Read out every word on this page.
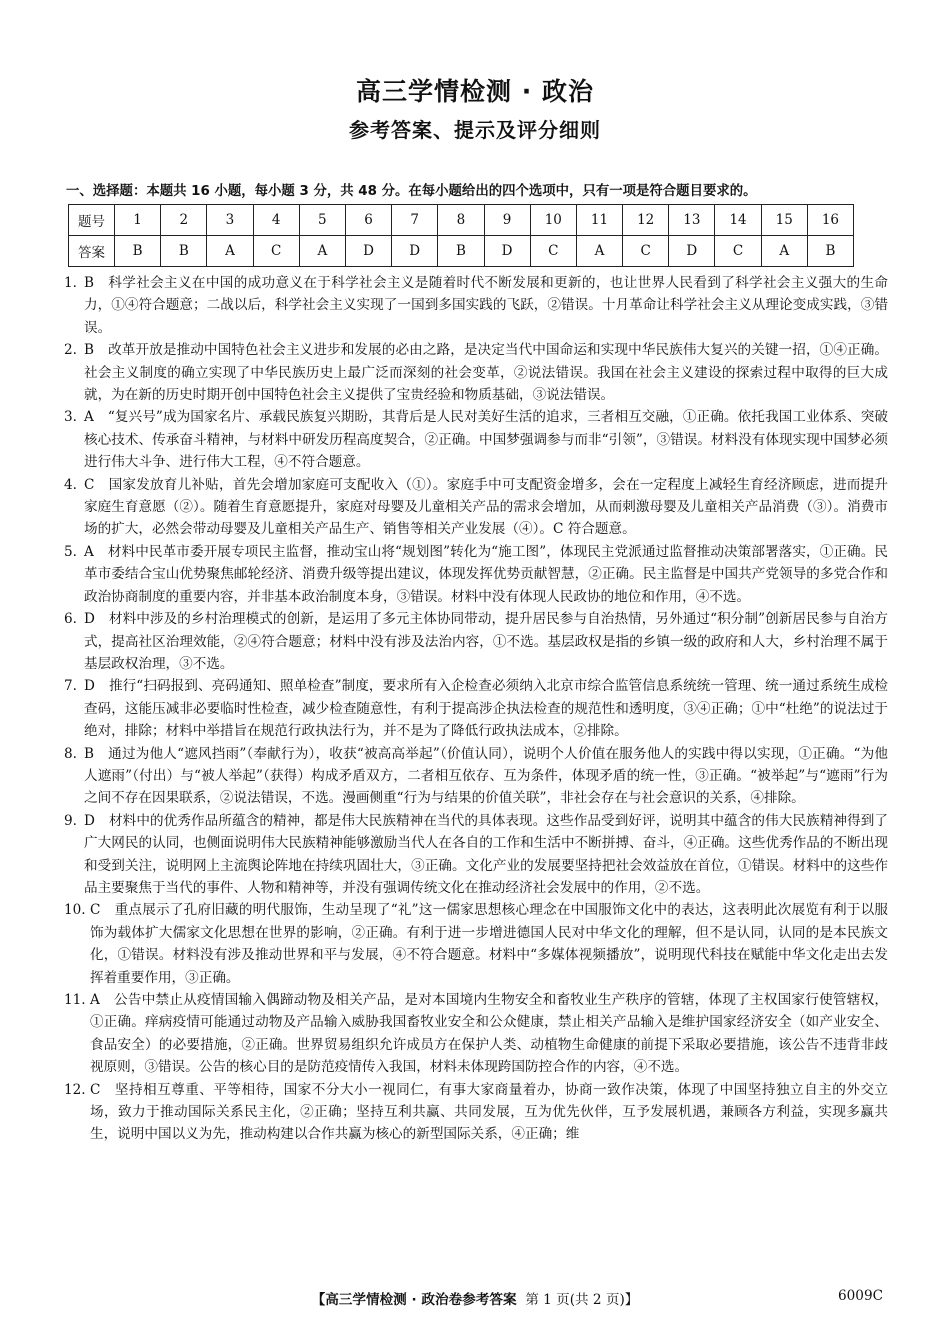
高三学情检测 · 政治
参考答案、提示及评分细则
一、选择题：本题共 16 小题，每小题 3 分，共 48 分。在每小题给出的四个选项中，只有一项是符合题目要求的。
题号	1	2	3	4	5	6	7	8	9	10	11	12	13	14	15	16
答案	B	B	A	C	A	D	D	B	D	C	A	C	D	C	A	B
1. B 科学社会主义在中国的成功意义在于科学社会主义是随着时代不断发展和更新的，也让世界人民看到了科学社会主义强大的生命力，①④符合题意；二战以后，科学社会主义实现了一国到多国实践的飞跃，②错误。十月革命让科学社会主义从理论变成实践，③错误。
2. B 改革开放是推动中国特色社会主义进步和发展的必由之路，是决定当代中国命运和实现中华民族伟大复兴的关键一招，①④正确。社会主义制度的确立实现了中华民族历史上最广泛而深刻的社会变革，②说法错误。我国在社会主义建设的探索过程中取得的巨大成就，为在新的历史时期开创中国特色社会主义提供了宝贵经验和物质基础，③说法错误。
3. A “复兴号”成为国家名片、承载民族复兴期盼，其背后是人民对美好生活的追求，三者相互交融，①正确。依托我国工业体系、突破核心技术、传承奋斗精神，与材料中研发历程高度契合，②正确。中国梦强调参与而非“引领”，③错误。材料没有体现实现中国梦必须进行伟大斗争、进行伟大工程，④不符合题意。
4. C 国家发放育儿补贴，首先会增加家庭可支配收入（①）。家庭手中可支配资金增多，会在一定程度上减轻生育经济顾虑，进而提升家庭生育意愿（②）。随着生育意愿提升，家庭对母婴及儿童相关产品的需求会增加，从而刺激母婴及儿童相关产品消费（③）。消费市场的扩大，必然会带动母婴及儿童相关产品生产、销售等相关产业发展（④）。C 符合题意。
5. A 材料中民革市委开展专项民主监督，推动宝山将“规划图”转化为“施工图”，体现民主党派通过监督推动决策部署落实，①正确。民革市委结合宝山优势聚焦邮轮经济、消费升级等提出建议，体现发挥优势贡献智慧，②正确。民主监督是中国共产党领导的多党合作和政治协商制度的重要内容，并非基本政治制度本身，③错误。材料中没有体现人民政协的地位和作用，④不选。
6. D 材料中涉及的乡村治理模式的创新，是运用了多元主体协同带动，提升居民参与自治热情，另外通过“积分制”创新居民参与自治方式，提高社区治理效能，②④符合题意；材料中没有涉及法治内容，①不选。基层政权是指的乡镇一级的政府和人大，乡村治理不属于基层政权治理，③不选。
7. D 推行“扫码报到、亮码通知、照单检查”制度，要求所有入企检查必须纳入北京市综合监管信息系统统一管理、统一通过系统生成检查码，这能压减非必要临时性检查，减少检查随意性，有利于提高涉企执法检查的规范性和透明度，③④正确；①中“杜绝”的说法过于绝对，排除；材料中举措旨在规范行政执法行为，并不是为了降低行政执法成本，②排除。
8. B 通过为他人“遮风挡雨”（奉献行为），收获“被高高举起”（价值认同），说明个人价值在服务他人的实践中得以实现，①正确。“为他人遮雨”（付出）与“被人举起”（获得）构成矛盾双方，二者相互依存、互为条件，体现矛盾的统一性，③正确。“被举起”与“遮雨”行为之间不存在因果联系，②说法错误，不选。漫画侧重“行为与结果的价值关联”，非社会存在与社会意识的关系，④排除。
9. D 材料中的优秀作品所蕴含的精神，都是伟大民族精神在当代的具体表现。这些作品受到好评，说明其中蕴含的伟大民族精神得到了广大网民的认同，也侧面说明伟大民族精神能够激励当代人在各自的工作和生活中不断拼搏、奋斗，④正确。这些优秀作品的不断出现和受到关注，说明网上主流舆论阵地在持续巩固壮大，③正确。文化产业的发展要坚持把社会效益放在首位，①错误。材料中的这些作品主要聚焦于当代的事件、人物和精神等，并没有强调传统文化在推动经济社会发展中的作用，②不选。
10. C 重点展示了孔府旧藏的明代服饰，生动呈现了“礼”这一儒家思想核心理念在中国服饰文化中的表达，这表明此次展览有利于以服饰为载体扩大儒家文化思想在世界的影响，②正确。有利于进一步增进德国人民对中华文化的理解，但不是认同，认同的是本民族文化，①错误。材料没有涉及推动世界和平与发展，④不符合题意。材料中“多媒体视频播放”，说明现代科技在赋能中华文化走出去发挥着重要作用，③正确。
11. A 公告中禁止从疫情国输入偶蹄动物及相关产品，是对本国境内生物安全和畜牧业生产秩序的管辖，体现了主权国家行使管辖权，①正确。痒病疫情可能通过动物及产品输入威胁我国畜牧业安全和公众健康，禁止相关产品输入是维护国家经济安全（如产业安全、食品安全）的必要措施，②正确。世界贸易组织允许成员方在保护人类、动植物生命健康的前提下采取必要措施，该公告不违背非歧视原则，③错误。公告的核心目的是防范疫情传入我国，材料未体现跨国防控合作的内容，④不选。
12. C 坚持相互尊重、平等相待，国家不分大小一视同仁，有事大家商量着办，协商一致作决策，体现了中国坚持独立自主的外交立场，致力于推动国际关系民主化，②正确；坚持互利共赢、共同发展，互为优先伙伴，互予发展机遇，兼顾各方利益，实现多赢共生，说明中国以义为先，推动构建以合作共赢为核心的新型国际关系，④正确；维
【高三学情检测 · 政治卷参考答案 第 1 页(共 2 页)】	6009C
